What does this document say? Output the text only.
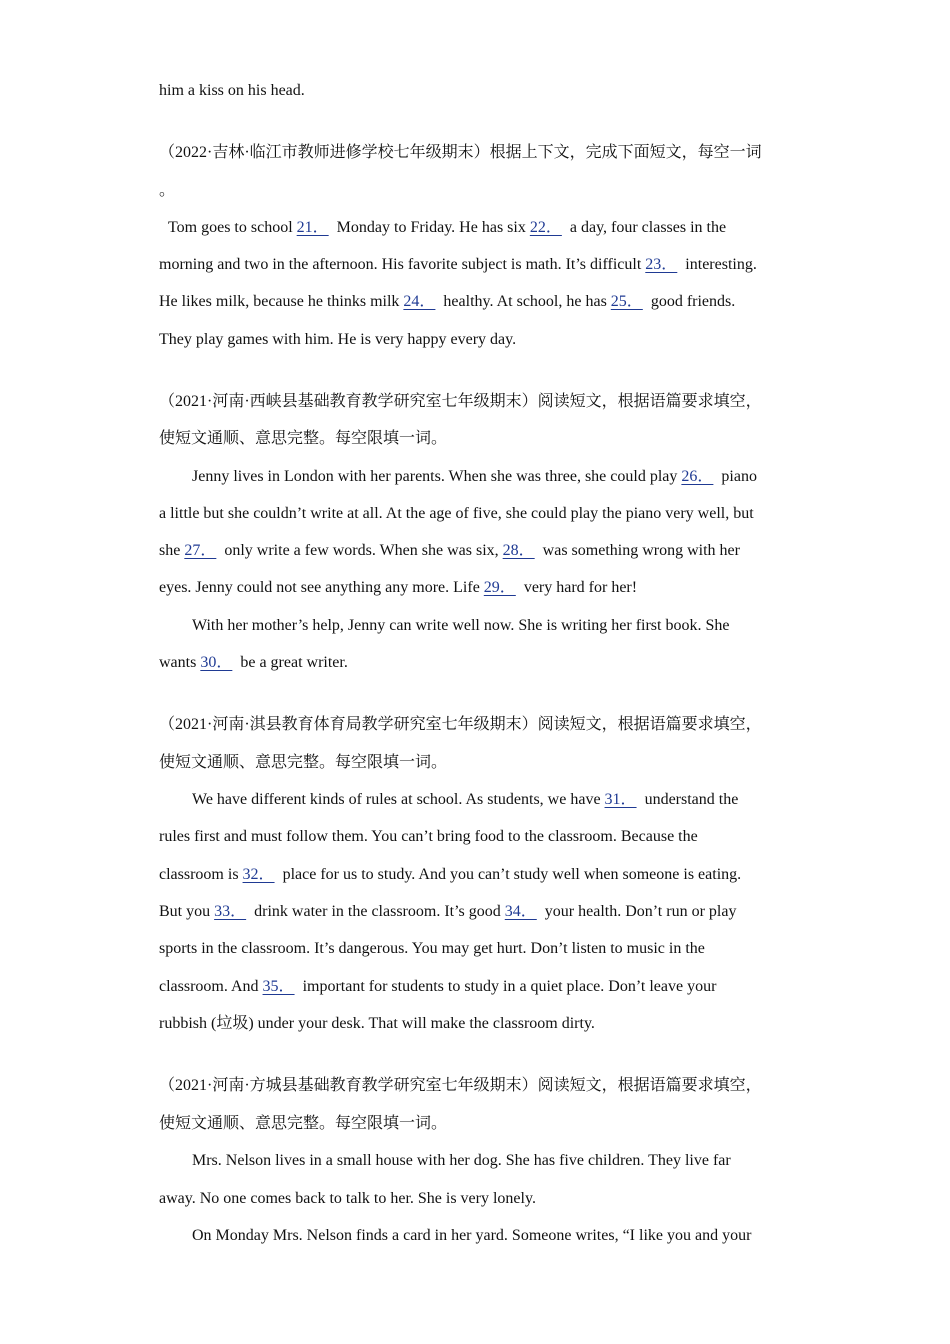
him a kiss on his head.
（2022·吉林·临江市教师进修学校七年级期末）根据上下文，完成下面短文，每空一词
。
Tom goes to school 21． Monday to Friday. He has six 22． a day, four classes in the
morning and two in the afternoon. His favorite subject is math. It’s difficult 23． interesting.
He likes milk, because he thinks milk 24． healthy. At school, he has 25． good friends.
They play games with him. He is very happy every day.
（2021·河南·西峡县基础教育教学研究室七年级期末）阅读短文，根据语篇要求填空，
使短文通顺、意思完整。每空限填一词。
Jenny lives in London with her parents. When she was three, she could play 26． piano
a little but she couldn’t write at all. At the age of five, she could play the piano very well, but
she 27． only write a few words. When she was six, 28． was something wrong with her
eyes. Jenny could not see anything any more. Life 29． very hard for her!
With her mother’s help, Jenny can write well now. She is writing her first book. She
wants 30． be a great writer.
（2021·河南·淇县教育体育局教学研究室七年级期末）阅读短文，根据语篇要求填空，
使短文通顺、意思完整。每空限填一词。
We have different kinds of rules at school. As students, we have 31． understand the
rules first and must follow them. You can’t bring food to the classroom. Because the
classroom is 32． place for us to study. And you can’t study well when someone is eating.
But you 33． drink water in the classroom. It’s good 34． your health. Don’t run or play
sports in the classroom. It’s dangerous. You may get hurt. Don’t listen to music in the
classroom. And 35． important for students to study in a quiet place. Don’t leave your
rubbish (垃圾) under your desk. That will make the classroom dirty.
（2021·河南·方城县基础教育教学研究室七年级期末）阅读短文，根据语篇要求填空，
使短文通顺、意思完整。每空限填一词。
Mrs. Nelson lives in a small house with her dog. She has five children. They live far
away. No one comes back to talk to her. She is very lonely.
On Monday Mrs. Nelson finds a card in her yard. Someone writes, “I like you and your
